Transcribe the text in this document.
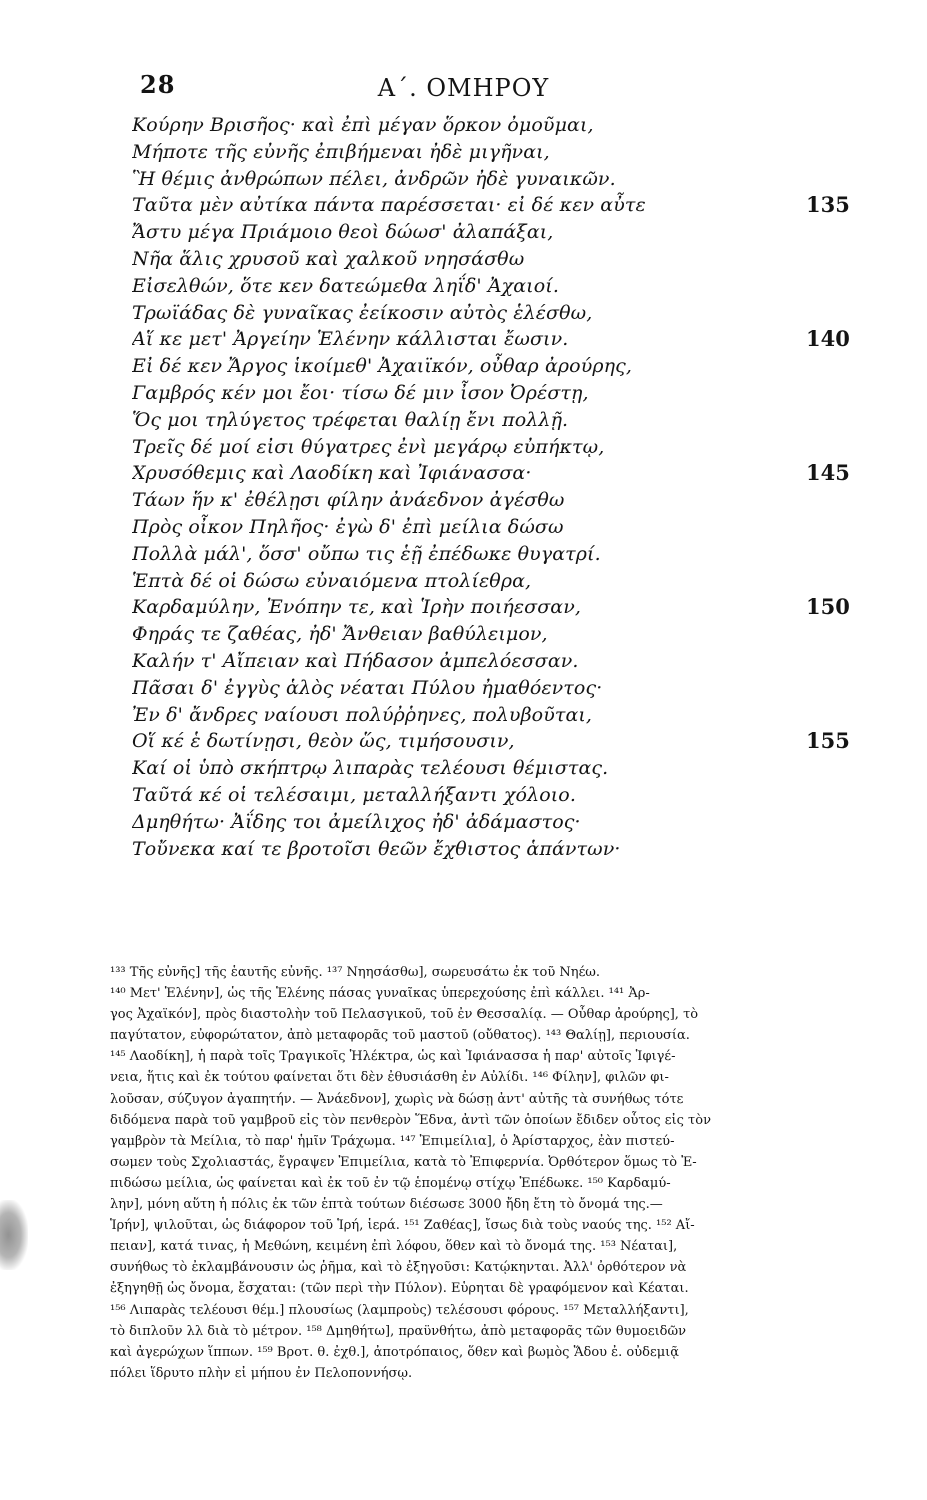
28	Α΄. ΟΜΗΡΟΥ
Κούρην Βρισῆος· καὶ ἐπὶ μέγαν ὅρκον ὀμοῦμαι,
Μήποτε τῆς εὐνῆς ἐπιβήμεναι ἠδὲ μιγῆναι,
Ἣ θέμις ἀνθρώπων πέλει, ἀνδρῶν ἠδὲ γυναικῶν.
Ταῦτα μὲν αὐτίκα πάντα παρέσσεται· εἰ δέ κεν αὖτε
Ἄστυ μέγα Πριάμοιο θεοὶ δώωσ' ἀλαπάξαι,
Νῆα ἅλις χρυσοῦ καὶ χαλκοῦ νηησάσθω
Εἰσελθών, ὅτε κεν δατεώμεθα ληΐδ' Ἀχαιοί.
Τρωϊάδας δὲ γυναῖκας ἐείκοσιν αὐτὸς ἑλέσθω,
Αἵ κε μετ' Ἀργείην Ἑλένην κάλλισται ἔωσιν.
Εἰ δέ κεν Ἄργος ἱκοίμεθ' Ἀχαιϊκόν, οὖθαρ ἀρούρης,
Γαμβρός κέν μοι ἔοι· τίσω δέ μιν ἶσον Ὀρέστῃ,
Ὅς μοι τηλύγετος τρέφεται θαλίῃ ἔνι πολλῇ.
Τρεῖς δέ μοί εἰσι θύγατρες ἐνὶ μεγάρῳ εὐπήκτῳ,
Χρυσόθεμις καὶ Λαοδίκη καὶ Ἰφιάνασσα·
Τάων ἥν κ' ἐθέλῃσι φίλην ἀνάεδνον ἀγέσθω
Πρὸς οἶκον Πηλῆος· ἐγὼ δ' ἐπὶ μείλια δώσω
Πολλὰ μάλ', ὅσσ' οὔπω τις ἑῇ ἐπέδωκε θυγατρί.
Ἑπτὰ δέ οἱ δώσω εὐναιόμενα πτολίεθρα,
Καρδαμύλην, Ἐνόπην τε, καὶ Ἱρὴν ποιήεσσαν,
Φηράς τε ζαθέας, ἠδ' Ἄνθειαν βαθύλειμον,
Καλήν τ' Αἴπειαν καὶ Πήδασον ἀμπελόεσσαν.
Πᾶσαι δ' ἐγγὺς ἁλὸς νέαται Πύλου ἠμαθόεντος·
Ἐν δ' ἄνδρες ναίουσι πολύῤῥηνες, πολυβοῦται,
Οἵ κέ ἑ δωτίνῃσι, θεὸν ὥς, τιμήσουσιν,
Καί οἱ ὑπὸ σκήπτρῳ λιπαρὰς τελέουσι θέμιστας.
Ταῦτά κέ οἱ τελέσαιμι, μεταλλήξαντι χόλοιο.
Δμηθήτω· Ἀΐδης τοι ἀμείλιχος ἠδ' ἀδάμαστος·
Τοὔνεκα καί τε βροτοῖσι θεῶν ἔχθιστος ἁπάντων·
135
140
145
150
155
¹³³ Τῆς εὐνῆς] τῆς ἑαυτῆς εὐνῆς. ¹³⁷ Νηησάσθω], σωρευσάτω ἐκ τοῦ Νηέω.
¹⁴⁰ Μετ' Ἑλένην], ὡς τῆς Ἑλένης πάσας γυναῖκας ὑπερεχούσης ἐπὶ κάλλει. ¹⁴¹ Ἀρ-
γος Ἀχαϊκόν], πρὸς διαστολὴν τοῦ Πελασγικοῦ, τοῦ ἐν Θεσσαλίᾳ. — Οὖθαρ ἀρούρης], τὸ
παγύτατον, εὐφορώτατον, ἀπὸ μεταφορᾶς τοῦ μαστοῦ (οὔθατος). ¹⁴³ Θαλίῃ], περιουσία.
¹⁴⁵ Λαοδίκη], ἡ παρὰ τοῖς Τραγικοῖς Ἠλέκτρα, ὡς καὶ Ἰφιάνασσα ἡ παρ' αὐτοῖς Ἰφιγέ-
νεια, ἥτις καὶ ἐκ τούτου φαίνεται ὅτι δὲν ἐθυσιάσθη ἐν Αὐλίδι. ¹⁴⁶ Φίλην], φιλῶν φι-
λοῦσαν, σύζυγον ἀγαπητήν. — Ἀνάεδνον], χωρὶς νὰ δώσῃ ἀντ' αὐτῆς τὰ συνήθως τότε
διδόμενα παρὰ τοῦ γαμβροῦ εἰς τὸν πενθερὸν Ἕδνα, ἀντὶ τῶν ὁποίων ἔδιδεν οὗτος εἰς τὸν
γαμβρὸν τὰ Μείλια, τὸ παρ' ἡμῖν Τράχωμα. ¹⁴⁷ Ἐπιμείλια], ὁ Ἀρίσταρχος, ἐὰν πιστεύ-
σωμεν τοὺς Σχολιαστάς, ἔγραψεν Ἐπιμείλια, κατὰ τὸ Ἐπιφερνία. Ὀρθότερον ὅμως τὸ Ἐ-
πιδώσω μείλια, ὡς φαίνεται καὶ ἐκ τοῦ ἐν τῷ ἑπομένῳ στίχῳ Ἐπέδωκε. ¹⁵⁰ Καρδαμύ-
λην], μόνη αὕτη ἡ πόλις ἐκ τῶν ἑπτὰ τούτων διέσωσε 3000 ἤδη ἔτη τὸ ὄνομά της.—
Ἱρήν], ψιλοῦται, ὡς διάφορον τοῦ Ἱρή, ἱερά. ¹⁵¹ Ζαθέας], ἴσως διὰ τοὺς ναούς της. ¹⁵² Αἴ-
πειαν], κατά τινας, ἡ Μεθώνη, κειμένη ἐπὶ λόφου, ὅθεν καὶ τὸ ὄνομά της. ¹⁵³ Νέαται],
συνήθως τὸ ἐκλαμβάνουσιν ὡς ῥῆμα, καὶ τὸ ἐξηγοῦσι: Κατῴκηνται. Ἀλλ' ὀρθότερον νὰ
ἐξηγηθῇ ὡς ὄνομα, ἔσχαται: (τῶν περὶ τὴν Πύλον). Εὑρηται δὲ γραφόμενον καὶ Κέαται.
¹⁵⁶ Λιπαρὰς τελέουσι θέμ.] πλουσίως (λαμπροὺς) τελέσουσι φόρους. ¹⁵⁷ Μεταλλήξαντι],
τὸ διπλοῦν λλ διὰ τὸ μέτρον. ¹⁵⁸ Δμηθήτω], πραϋνθήτω, ἀπὸ μεταφορᾶς τῶν θυμοειδῶν
καὶ ἀγερώχων ἵππων. ¹⁵⁹ Βροτ. θ. ἐχθ.], ἀποτρόπαιος, ὅθεν καὶ βωμὸς Ἅδου ἐ. οὐδεμιᾷ
πόλει ἵδρυτο πλὴν εἰ μήπου ἐν Πελοποννήσῳ.
